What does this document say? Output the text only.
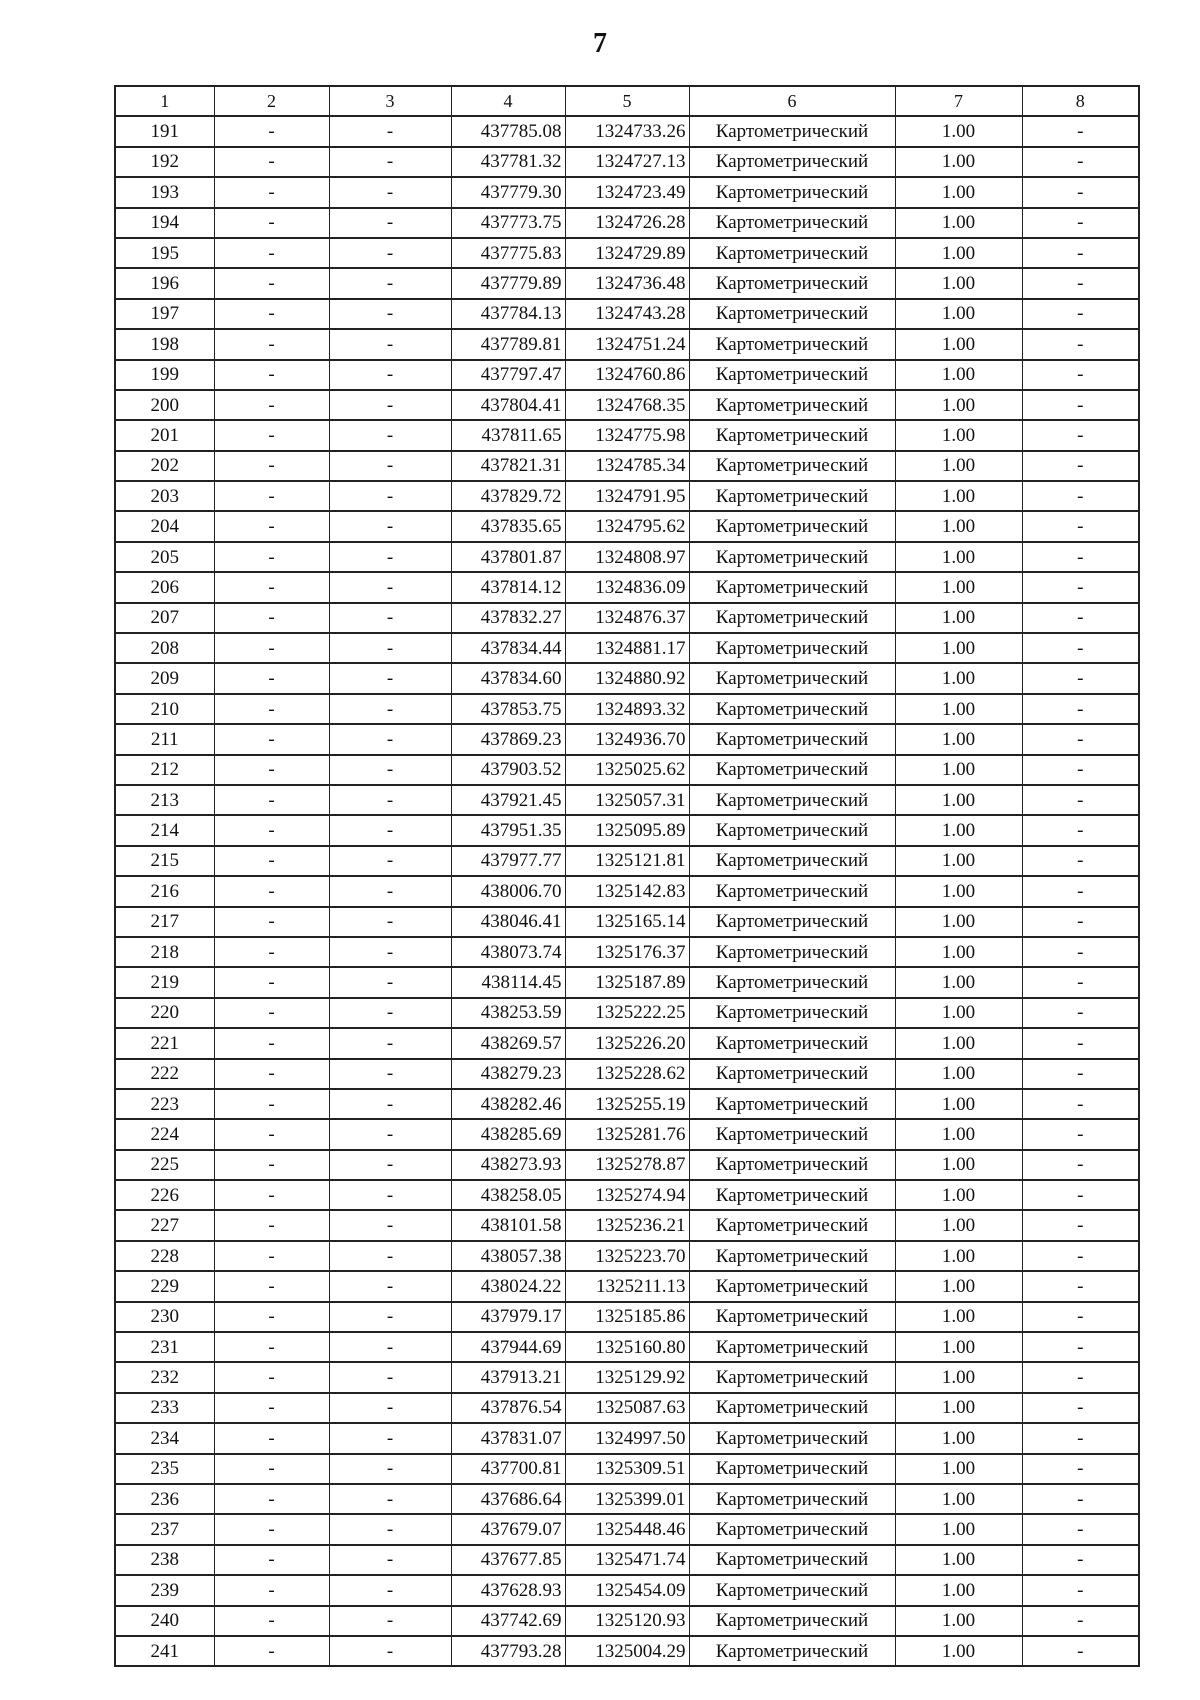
7
1	2	3	4	5	6	7	8
191	-	-	437785.08	1324733.26	Картометрический	1.00	-
192	-	-	437781.32	1324727.13	Картометрический	1.00	-
193	-	-	437779.30	1324723.49	Картометрический	1.00	-
194	-	-	437773.75	1324726.28	Картометрический	1.00	-
195	-	-	437775.83	1324729.89	Картометрический	1.00	-
196	-	-	437779.89	1324736.48	Картометрический	1.00	-
197	-	-	437784.13	1324743.28	Картометрический	1.00	-
198	-	-	437789.81	1324751.24	Картометрический	1.00	-
199	-	-	437797.47	1324760.86	Картометрический	1.00	-
200	-	-	437804.41	1324768.35	Картометрический	1.00	-
201	-	-	437811.65	1324775.98	Картометрический	1.00	-
202	-	-	437821.31	1324785.34	Картометрический	1.00	-
203	-	-	437829.72	1324791.95	Картометрический	1.00	-
204	-	-	437835.65	1324795.62	Картометрический	1.00	-
205	-	-	437801.87	1324808.97	Картометрический	1.00	-
206	-	-	437814.12	1324836.09	Картометрический	1.00	-
207	-	-	437832.27	1324876.37	Картометрический	1.00	-
208	-	-	437834.44	1324881.17	Картометрический	1.00	-
209	-	-	437834.60	1324880.92	Картометрический	1.00	-
210	-	-	437853.75	1324893.32	Картометрический	1.00	-
211	-	-	437869.23	1324936.70	Картометрический	1.00	-
212	-	-	437903.52	1325025.62	Картометрический	1.00	-
213	-	-	437921.45	1325057.31	Картометрический	1.00	-
214	-	-	437951.35	1325095.89	Картометрический	1.00	-
215	-	-	437977.77	1325121.81	Картометрический	1.00	-
216	-	-	438006.70	1325142.83	Картометрический	1.00	-
217	-	-	438046.41	1325165.14	Картометрический	1.00	-
218	-	-	438073.74	1325176.37	Картометрический	1.00	-
219	-	-	438114.45	1325187.89	Картометрический	1.00	-
220	-	-	438253.59	1325222.25	Картометрический	1.00	-
221	-	-	438269.57	1325226.20	Картометрический	1.00	-
222	-	-	438279.23	1325228.62	Картометрический	1.00	-
223	-	-	438282.46	1325255.19	Картометрический	1.00	-
224	-	-	438285.69	1325281.76	Картометрический	1.00	-
225	-	-	438273.93	1325278.87	Картометрический	1.00	-
226	-	-	438258.05	1325274.94	Картометрический	1.00	-
227	-	-	438101.58	1325236.21	Картометрический	1.00	-
228	-	-	438057.38	1325223.70	Картометрический	1.00	-
229	-	-	438024.22	1325211.13	Картометрический	1.00	-
230	-	-	437979.17	1325185.86	Картометрический	1.00	-
231	-	-	437944.69	1325160.80	Картометрический	1.00	-
232	-	-	437913.21	1325129.92	Картометрический	1.00	-
233	-	-	437876.54	1325087.63	Картометрический	1.00	-
234	-	-	437831.07	1324997.50	Картометрический	1.00	-
235	-	-	437700.81	1325309.51	Картометрический	1.00	-
236	-	-	437686.64	1325399.01	Картометрический	1.00	-
237	-	-	437679.07	1325448.46	Картометрический	1.00	-
238	-	-	437677.85	1325471.74	Картометрический	1.00	-
239	-	-	437628.93	1325454.09	Картометрический	1.00	-
240	-	-	437742.69	1325120.93	Картометрический	1.00	-
241	-	-	437793.28	1325004.29	Картометрический	1.00	-
